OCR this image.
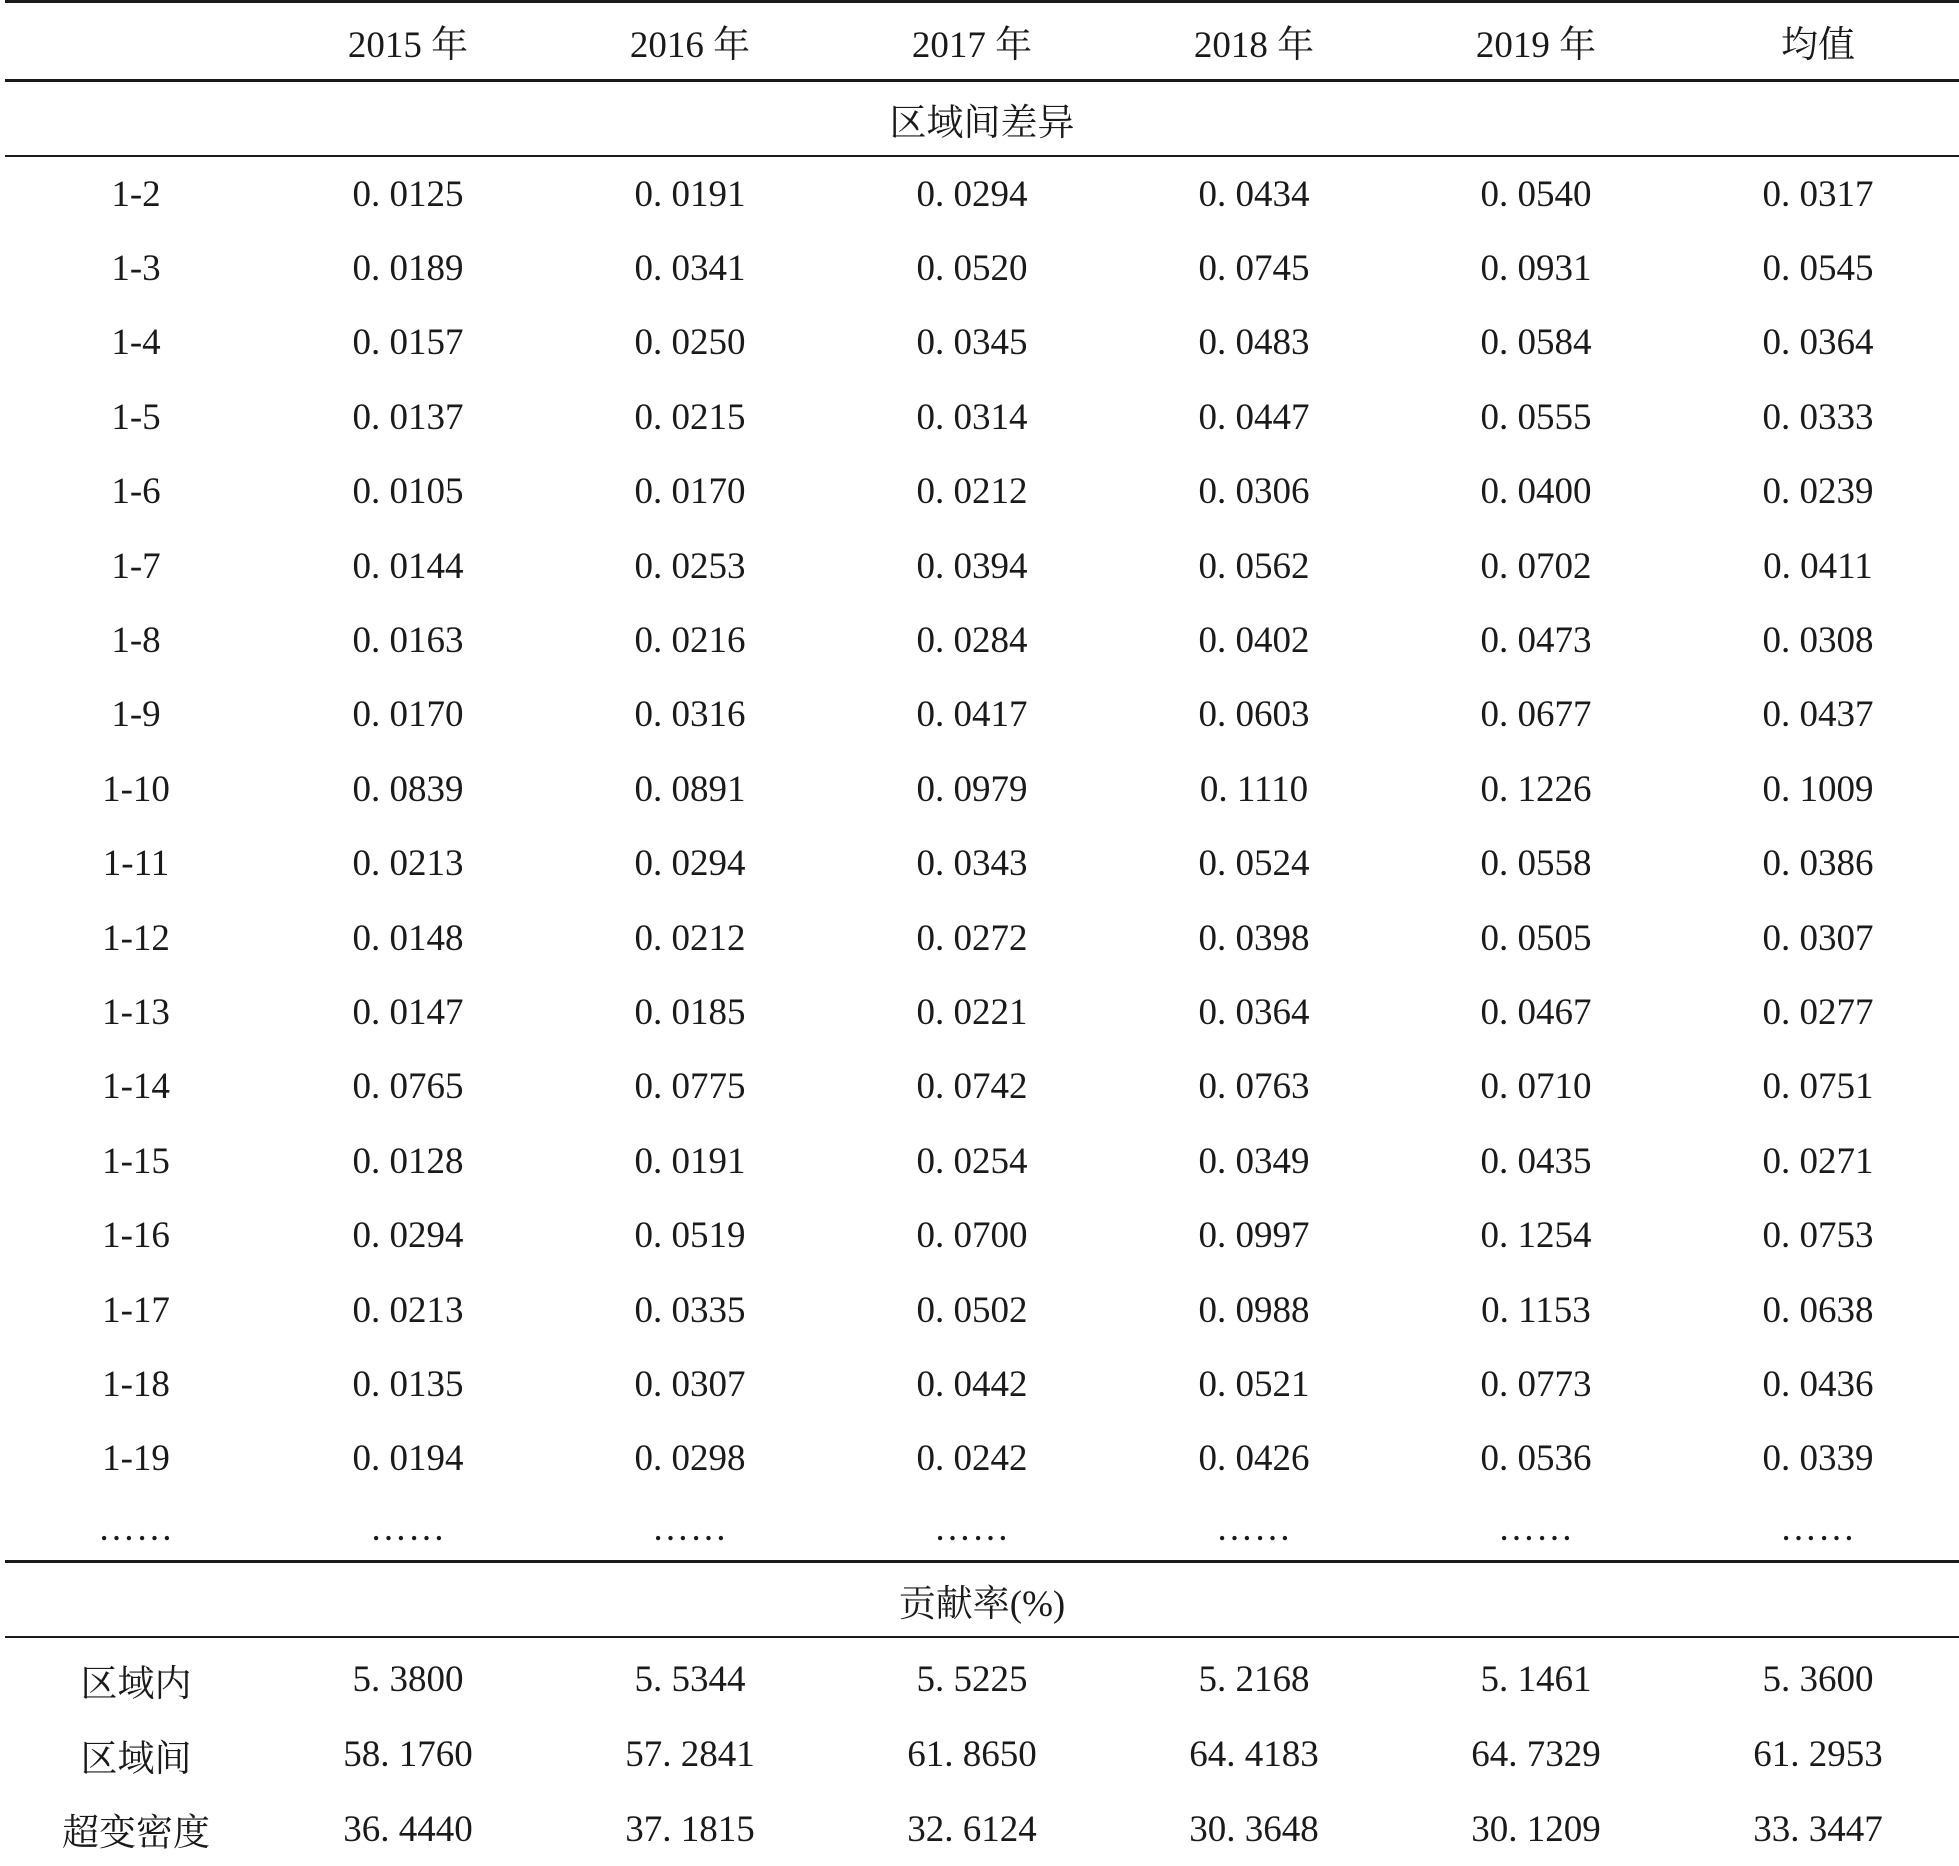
	2015 年	2016 年	2017 年	2018 年	2019 年	均值
区域间差异						
1-2	0. 0125	0. 0191	0. 0294	0. 0434	0. 0540	0. 0317
1-3	0. 0189	0. 0341	0. 0520	0. 0745	0. 0931	0. 0545
1-4	0. 0157	0. 0250	0. 0345	0. 0483	0. 0584	0. 0364
1-5	0. 0137	0. 0215	0. 0314	0. 0447	0. 0555	0. 0333
1-6	0. 0105	0. 0170	0. 0212	0. 0306	0. 0400	0. 0239
1-7	0. 0144	0. 0253	0. 0394	0. 0562	0. 0702	0. 0411
1-8	0. 0163	0. 0216	0. 0284	0. 0402	0. 0473	0. 0308
1-9	0. 0170	0. 0316	0. 0417	0. 0603	0. 0677	0. 0437
1-10	0. 0839	0. 0891	0. 0979	0. 1110	0. 1226	0. 1009
1-11	0. 0213	0. 0294	0. 0343	0. 0524	0. 0558	0. 0386
1-12	0. 0148	0. 0212	0. 0272	0. 0398	0. 0505	0. 0307
1-13	0. 0147	0. 0185	0. 0221	0. 0364	0. 0467	0. 0277
1-14	0. 0765	0. 0775	0. 0742	0. 0763	0. 0710	0. 0751
1-15	0. 0128	0. 0191	0. 0254	0. 0349	0. 0435	0. 0271
1-16	0. 0294	0. 0519	0. 0700	0. 0997	0. 1254	0. 0753
1-17	0. 0213	0. 0335	0. 0502	0. 0988	0. 1153	0. 0638
1-18	0. 0135	0. 0307	0. 0442	0. 0521	0. 0773	0. 0436
1-19	0. 0194	0. 0298	0. 0242	0. 0426	0. 0536	0. 0339
……	……	……	……	……	……	……
贡献率(%)						
区域内	5. 3800	5. 5344	5. 5225	5. 2168	5. 1461	5. 3600
区域间	58. 1760	57. 2841	61. 8650	64. 4183	64. 7329	61. 2953
超变密度	36. 4440	37. 1815	32. 6124	30. 3648	30. 1209	33. 3447
